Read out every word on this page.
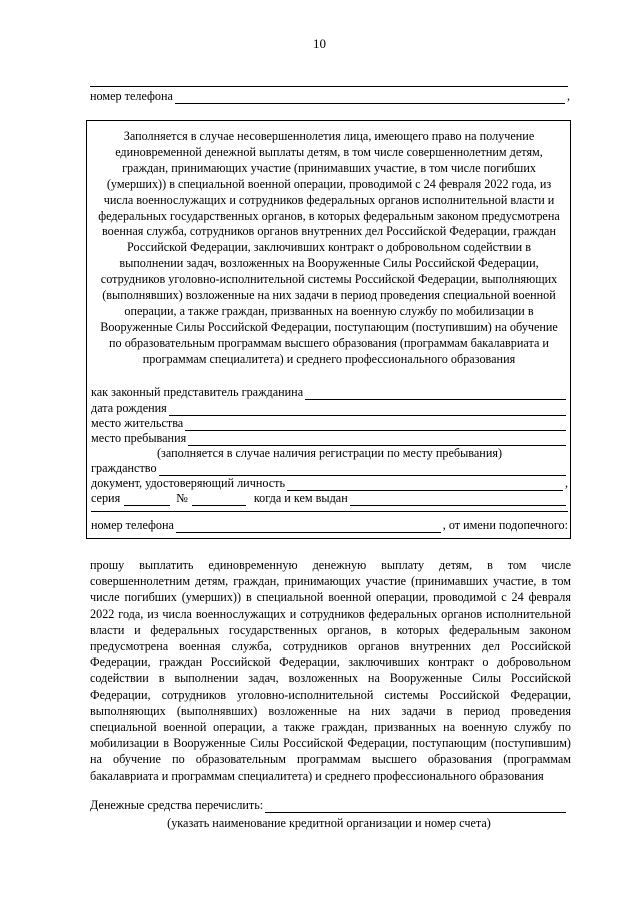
10
номер телефона	,
Заполняется в случае несовершеннолетия лица, имеющего право на получение единовременной денежной выплаты детям, в том числе совершеннолетним детям, граждан, принимающих участие (принимавших участие, в том числе погибших (умерших)) в специальной военной операции, проводимой с 24 февраля 2022 года, из числа военнослужащих и сотрудников федеральных органов исполнительной власти и федеральных государственных органов, в которых федеральным законом предусмотрена военная служба, сотрудников органов внутренних дел Российской Федерации, граждан Российской Федерации, заключивших контракт о добровольном содействии в выполнении задач, возложенных на Вооруженные Силы Российской Федерации, сотрудников уголовно-исполнительной системы Российской Федерации, выполняющих (выполнявших) возложенные на них задачи в период проведения специальной военной операции, а также граждан, призванных на военную службу по мобилизации в Вооруженные Силы Российской Федерации, поступающим (поступившим) на обучение по образовательным программам высшего образования (программам бакалавриата и программам специалитета) и среднего профессионального образования
как законный представитель гражданина
дата рождения
место жительства
место пребывания
(заполняется в случае наличия регистрации по месту пребывания)
гражданство
документ, удостоверяющий личность	,
серия	№	когда и кем выдан
номер телефона	, от имени подопечного:
прошу выплатить единовременную денежную выплату детям, в том числе совершеннолетним детям, граждан, принимающих участие (принимавших участие, в том числе погибших (умерших)) в специальной военной операции, проводимой с 24 февраля 2022 года, из числа военнослужащих и сотрудников федеральных органов исполнительной власти и федеральных государственных органов, в которых федеральным законом предусмотрена военная служба, сотрудников органов внутренних дел Российской Федерации, граждан Российской Федерации, заключивших контракт о добровольном содействии в выполнении задач, возложенных на Вооруженные Силы Российской Федерации, сотрудников уголовно-исполнительной системы Российской Федерации, выполняющих (выполнявших) возложенные на них задачи в период проведения специальной военной операции, а также граждан, призванных на военную службу по мобилизации в Вооруженные Силы Российской Федерации, поступающим (поступившим) на обучение по образовательным программам высшего образования (программам бакалавриата и программам специалитета) и среднего профессионального образования
Денежные средства перечислить:
(указать наименование кредитной организации и номер счета)
